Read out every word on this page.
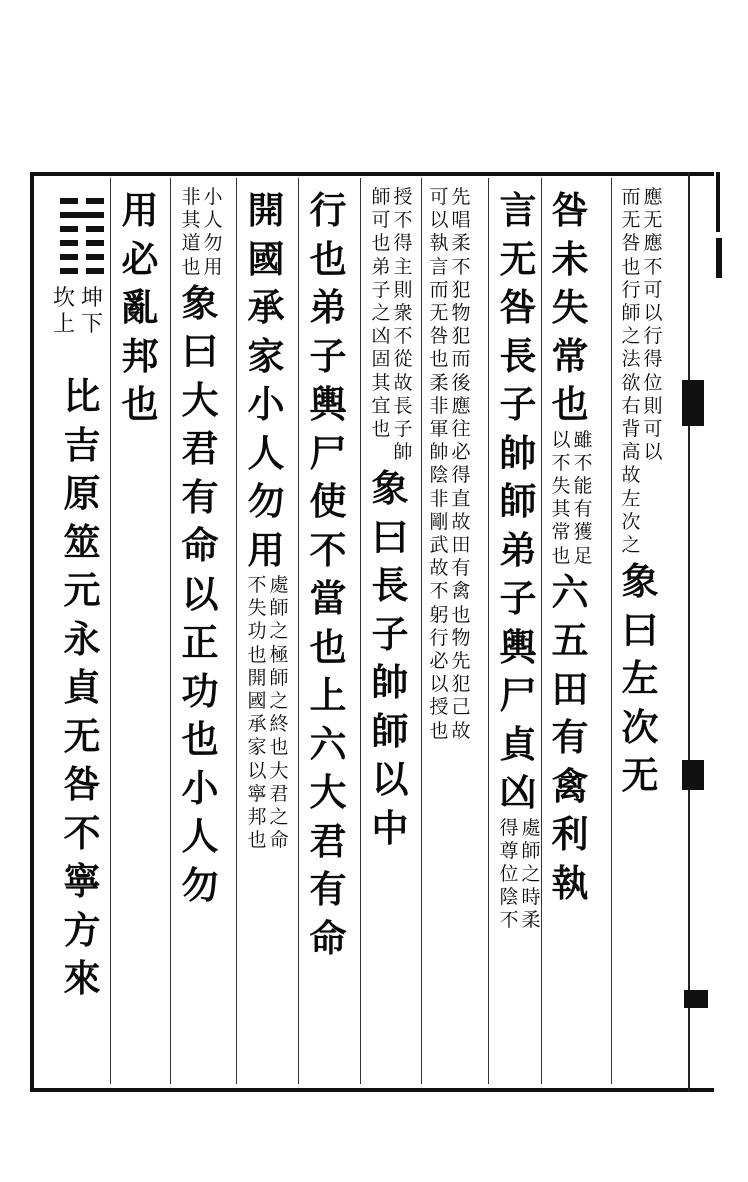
應
无
應
不
可
以
行
得
位
則
可
以
而
无
咎
也
行
師
之
法
欲
右
背
高
故
左
次
之
象
曰
左
次
无
咎
未
失
常
也
雖
不
能
有
獲
足
以
不
失
其
常
也
六
五
田
有
禽
利
執
言
无
咎
長
子
帥
師
弟
子
輿
尸
貞
凶
處
師
之
時
柔
得
尊
位
陰
不
先
唱
柔
不
犯
物
犯
而
後
應
往
必
得
直
故
田
有
禽
也
物
先
犯
己
故
可
以
執
言
而
无
咎
也
柔
非
軍
帥
陰
非
剛
武
故
不
躬
行
必
以
授
也
授
不
得
主
則
衆
不
從
故
長
子
帥
師
可
也
弟
子
之
凶
固
其
宜
也
象
曰
長
子
帥
師
以
中
行
也
弟
子
輿
尸
使
不
當
也
上
六
大
君
有
命
開
國
承
家
小
人
勿
用
處
師
之
極
師
之
終
也
大
君
之
命
不
失
功
也
開
國
承
家
以
寧
邦
也
小
人
勿
用
非
其
道
也
象
曰
大
君
有
命
以
正
功
也
小
人
勿
用
必
亂
邦
也
坤
下
坎
上
比
吉
原
筮
元
永
貞
无
咎
不
寧
方
來
